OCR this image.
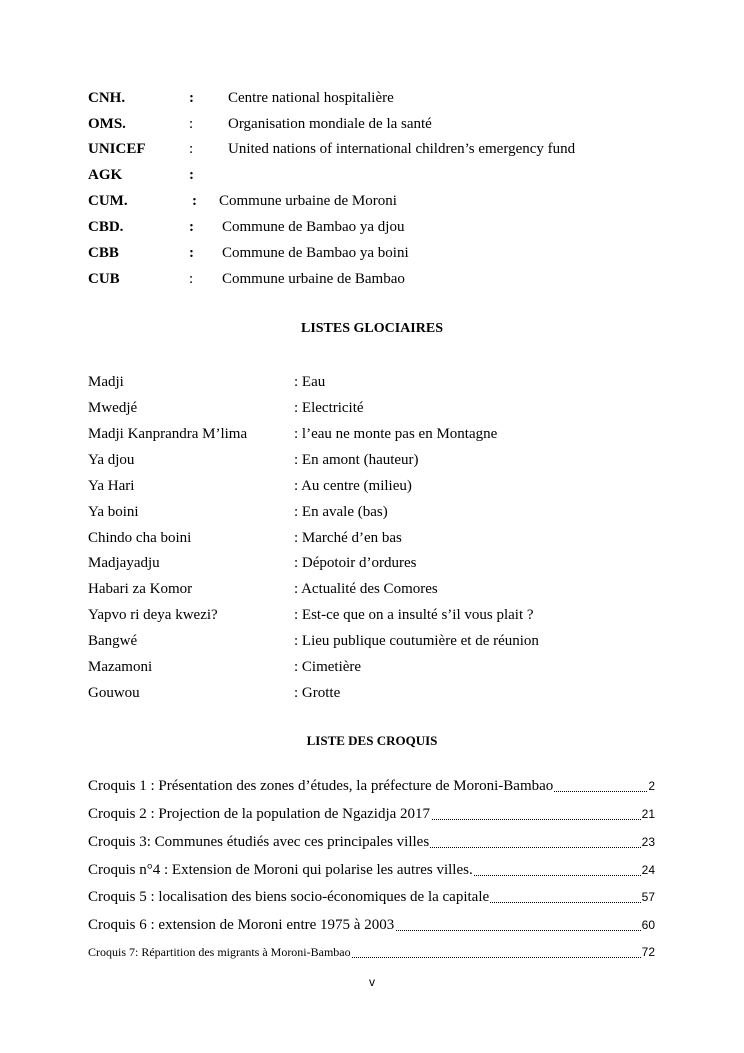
CNH.	: Centre national hospitalière
OMS.	: Organisation mondiale de la santé
UNICEF	: United nations of international children’s emergency fund
AGK	:
CUM.	: Commune urbaine de Moroni
CBD.	: Commune de Bambao ya djou
CBB	: Commune de Bambao ya boini
CUB	: Commune urbaine de Bambao
LISTES GLOCIAIRES
Madji	: Eau
Mwedjé	: Electricité
Madji Kanprandra M’lima	: l’eau ne monte pas en Montagne
Ya djou	: En amont (hauteur)
Ya Hari	: Au centre (milieu)
Ya boini	: En avale (bas)
Chindo cha boini	: Marché d’en bas
Madjayadju	: Dépotoir d’ordures
Habari za Komor	: Actualité des Comores
Yapvo ri deya kwezi?	: Est-ce que on a insulté s’il vous plait ?
Bangwé	: Lieu publique coutumière et de réunion
Mazamoni	: Cimetière
Gouwou	: Grotte
LISTE DES CROQUIS
Croquis 1 : Présentation des zones d’études, la préfecture de Moroni-Bambao	2
Croquis 2 : Projection de la population de Ngazidja 2017	21
Croquis 3: Communes étudiés avec ces principales villes	23
Croquis n°4 : Extension de Moroni qui polarise les autres villes.	24
Croquis 5 : localisation des biens socio-économiques de la capitale	57
Croquis 6 : extension de Moroni entre 1975 à 2003	60
Croquis 7: Répartition des migrants à Moroni-Bambao	72
v
